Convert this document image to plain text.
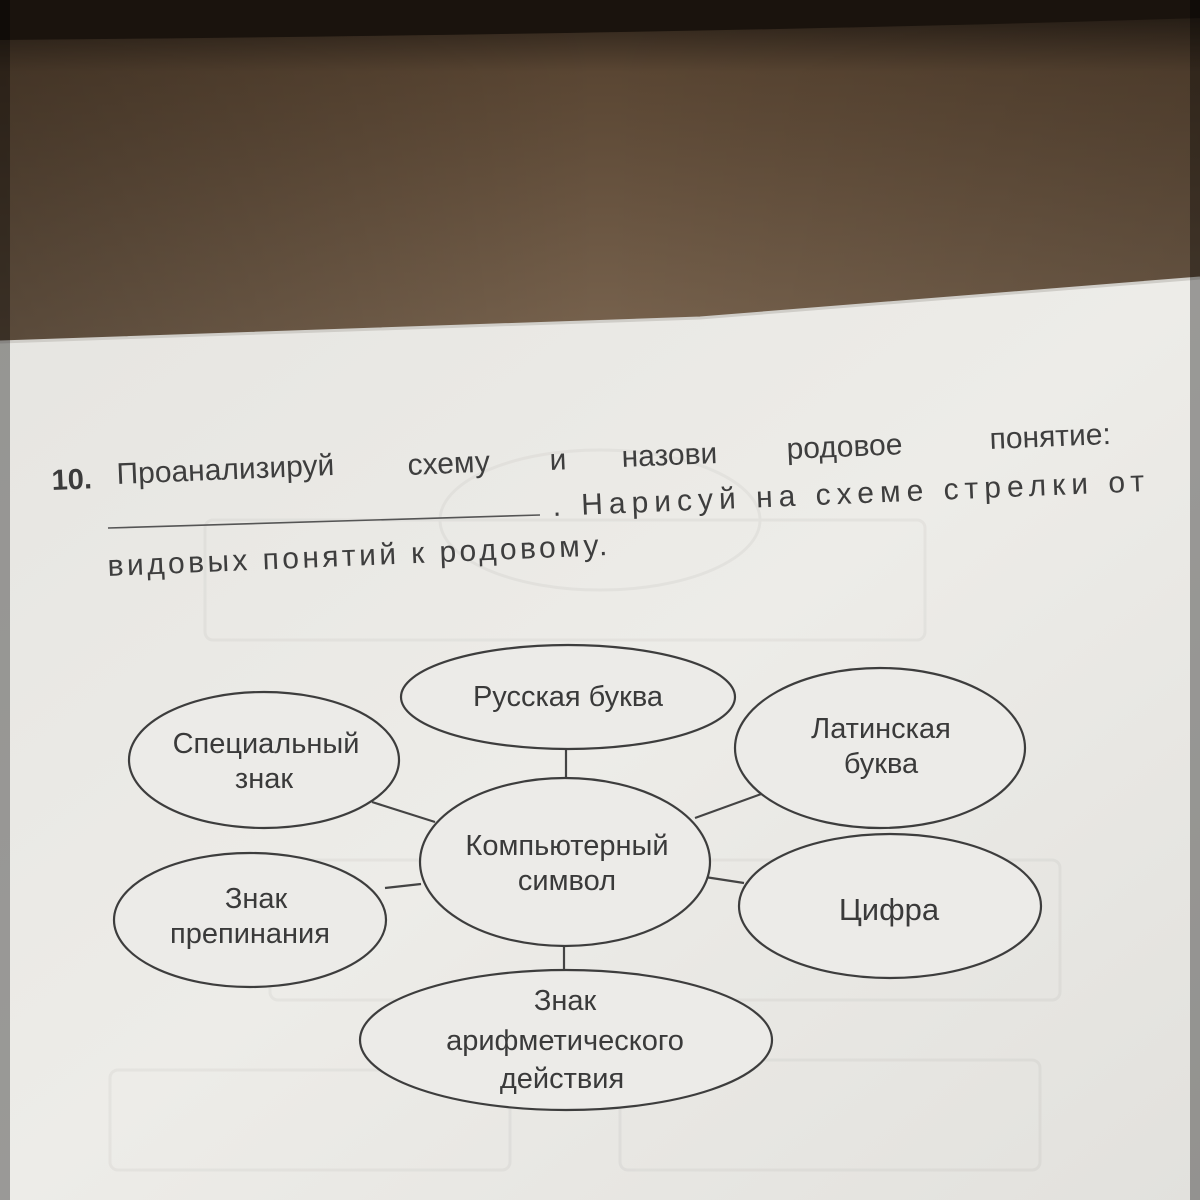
10. Проанализируй схему и назови родовое	понятие:
. Нарисуй на схеме стрелки от
видовых понятий к родовому.
Компьютерный
символ
Русская буква
Латинская
буква
Специальный
знак
Знак
препинания
Цифра
Знак
арифметического
действия
